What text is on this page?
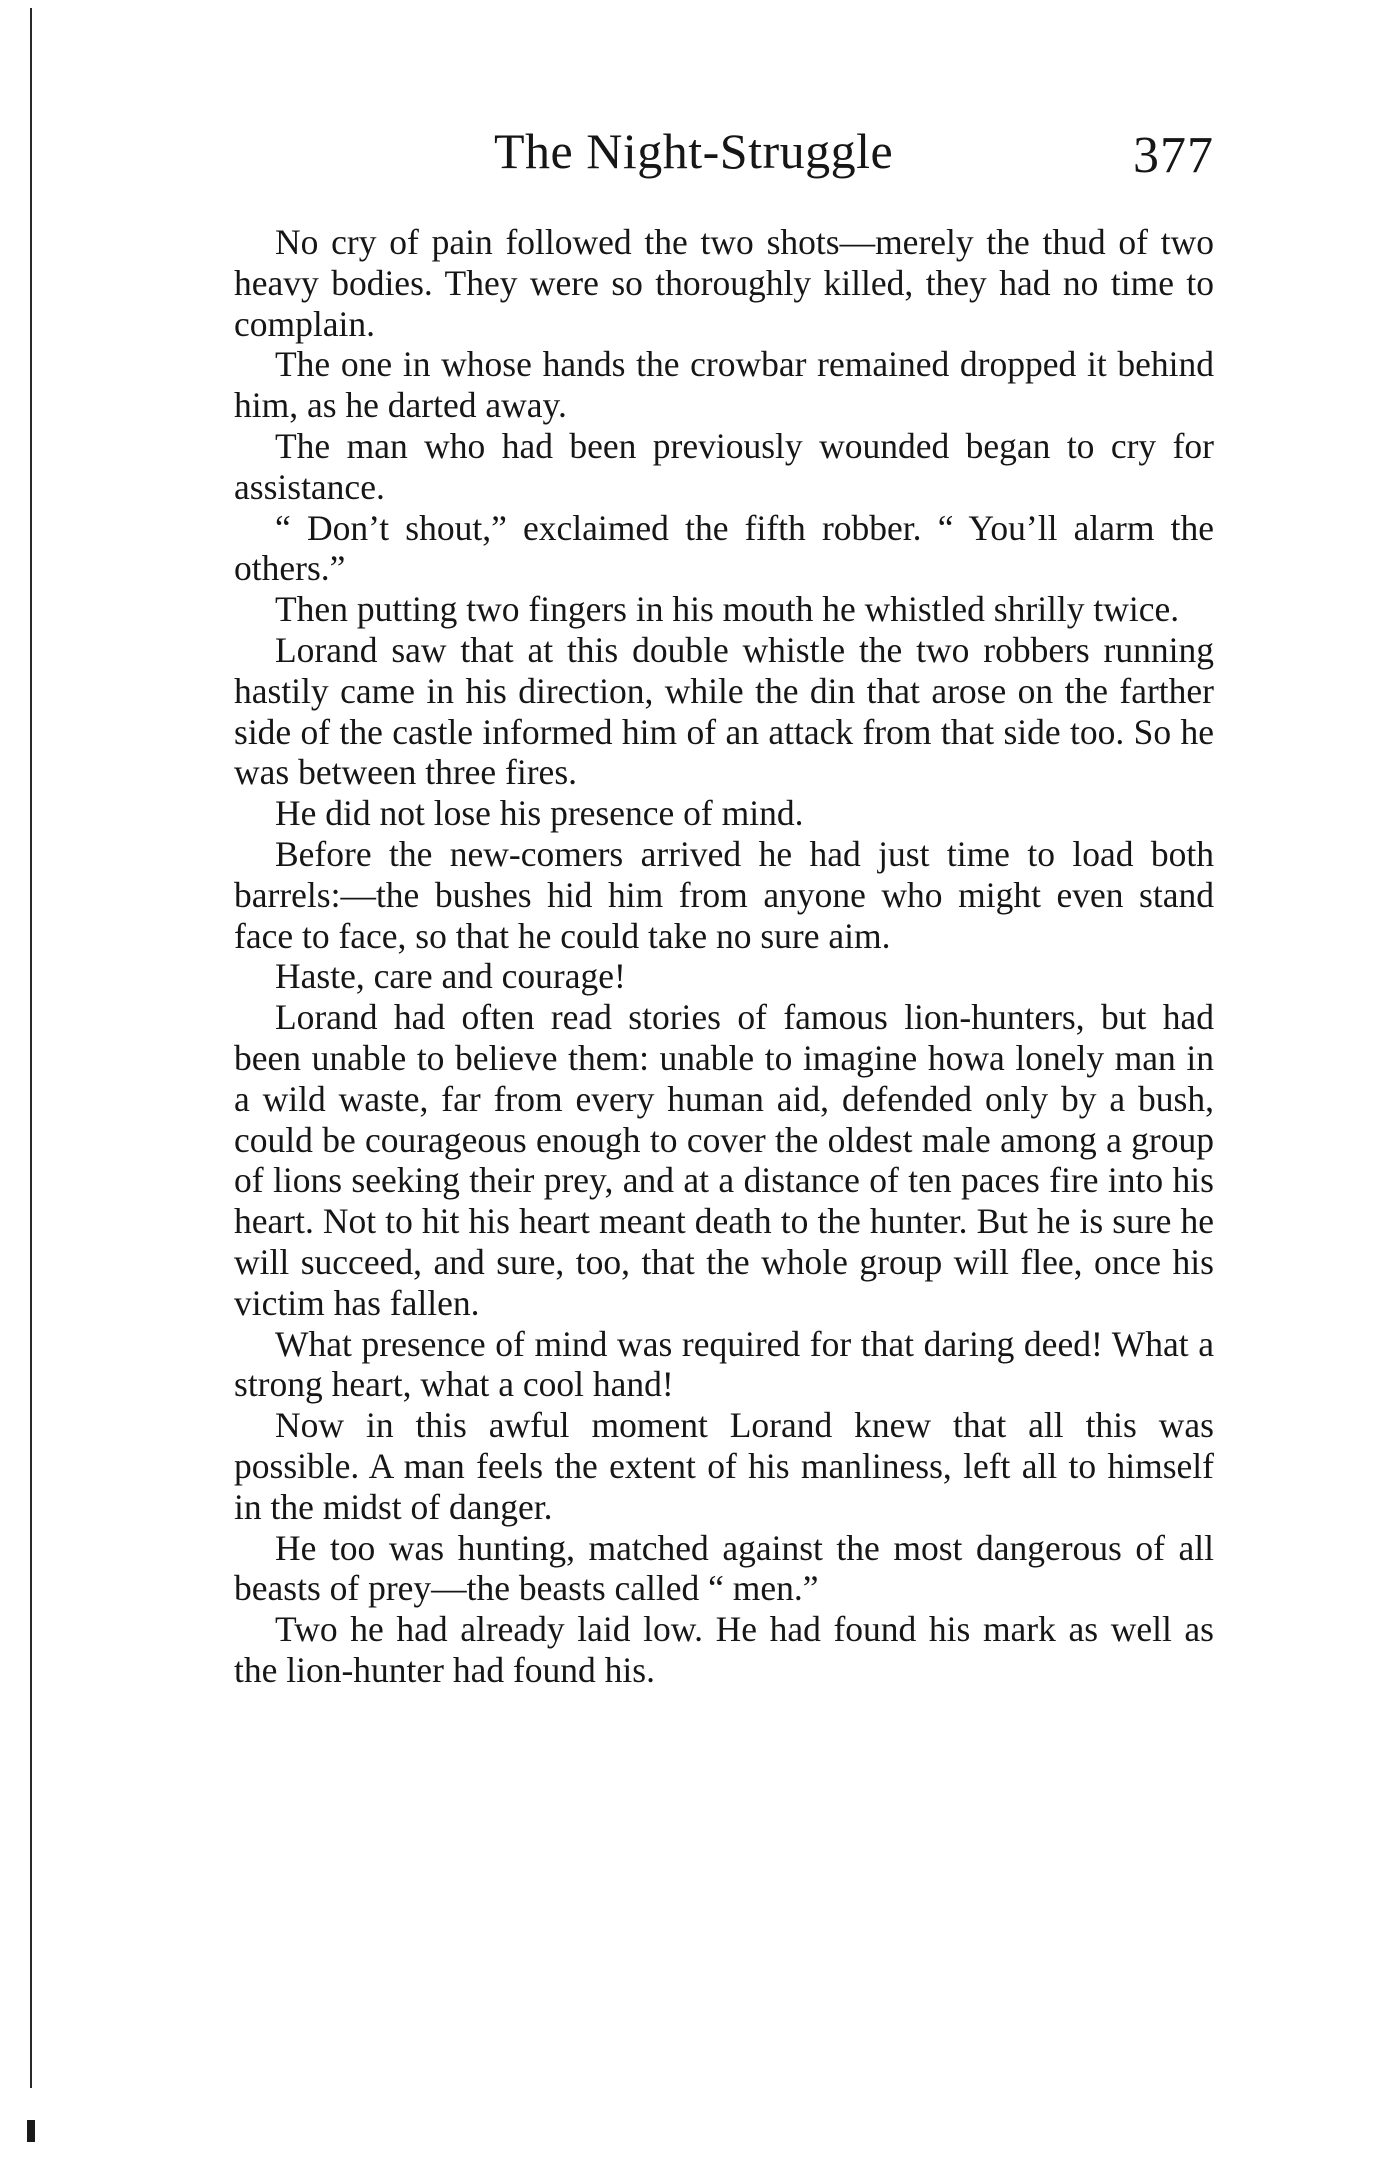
The Night-Struggle	377

No cry of pain followed the two shots—merely the thud of two heavy bodies. They were so thoroughly killed, they had no time to complain.

The one in whose hands the crowbar remained dropped it behind him, as he darted away.

The man who had been previously wounded began to cry for assistance.

“ Don’t shout,” exclaimed the fifth robber. “ You’ll alarm the others.”

Then putting two fingers in his mouth he whistled shrilly twice.

Lorand saw that at this double whistle the two robbers running hastily came in his direction, while the din that arose on the farther side of the castle informed him of an attack from that side too. So he was between three fires.

He did not lose his presence of mind.

Before the new-comers arrived he had just time to load both barrels:—the bushes hid him from anyone who might even stand face to face, so that he could take no sure aim.

Haste, care and courage!

Lorand had often read stories of famous lion-hunters, but had been unable to believe them: unable to imagine howa lonely man in a wild waste, far from every human aid, defended only by a bush, could be courageous enough to cover the oldest male among a group of lions seeking their prey, and at a distance of ten paces fire into his heart. Not to hit his heart meant death to the hunter. But he is sure he will succeed, and sure, too, that the whole group will flee, once his victim has fallen.

What presence of mind was required for that daring deed! What a strong heart, what a cool hand!

Now in this awful moment Lorand knew that all this was possible. A man feels the extent of his manliness, left all to himself in the midst of danger.

He too was hunting, matched against the most dangerous of all beasts of prey—the beasts called “ men.”

Two he had already laid low. He had found his mark as well as the lion-hunter had found his.
